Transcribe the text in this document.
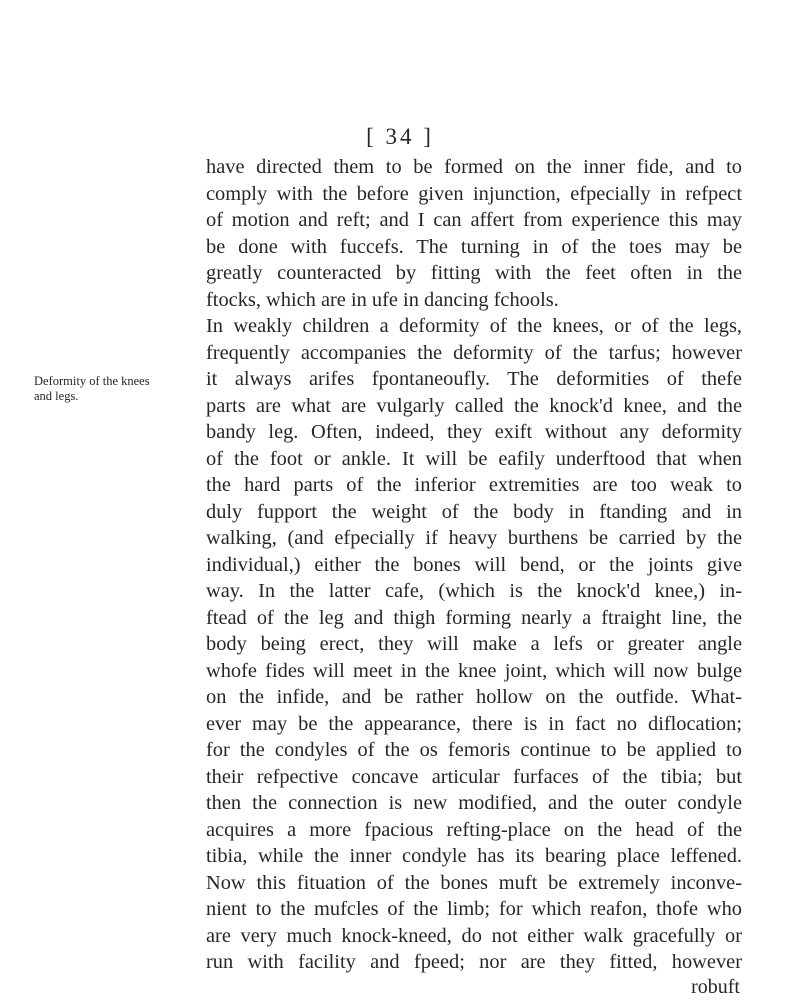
[ 34 ]
Deformity of the knees and legs.
have directed them to be formed on the inner fide, and to
comply with the before given injunction, efpecially in refpect
of motion and reft; and I can affert from experience this may
be done with fuccefs. The turning in of the toes may be
greatly counteracted by fitting with the feet often in the
ftocks, which are in ufe in dancing fchools.
In weakly children a deformity of the knees, or of the legs,
frequently accompanies the deformity of the tarfus; however
it always arifes fpontaneoufly. The deformities of thefe
parts are what are vulgarly called the knock'd knee, and the
bandy leg. Often, indeed, they exift without any deformity
of the foot or ankle. It will be eafily underftood that when
the hard parts of the inferior extremities are too weak to
duly fupport the weight of the body in ftanding and in
walking, (and efpecially if heavy burthens be carried by the
individual,) either the bones will bend, or the joints give
way. In the latter cafe, (which is the knock'd knee,) in-
ftead of the leg and thigh forming nearly a ftraight line, the
body being erect, they will make a lefs or greater angle
whofe fides will meet in the knee joint, which will now bulge
on the infide, and be rather hollow on the outfide. What-
ever may be the appearance, there is in fact no diflocation;
for the condyles of the os femoris continue to be applied to
their refpective concave articular furfaces of the tibia; but
then the connection is new modified, and the outer condyle
acquires a more fpacious refting-place on the head of the
tibia, while the inner condyle has its bearing place leffened.
Now this fituation of the bones muft be extremely inconve-
nient to the mufcles of the limb; for which reafon, thofe who
are very much knock-kneed, do not either walk gracefully or
run with facility and fpeed; nor are they fitted, however
robuft
